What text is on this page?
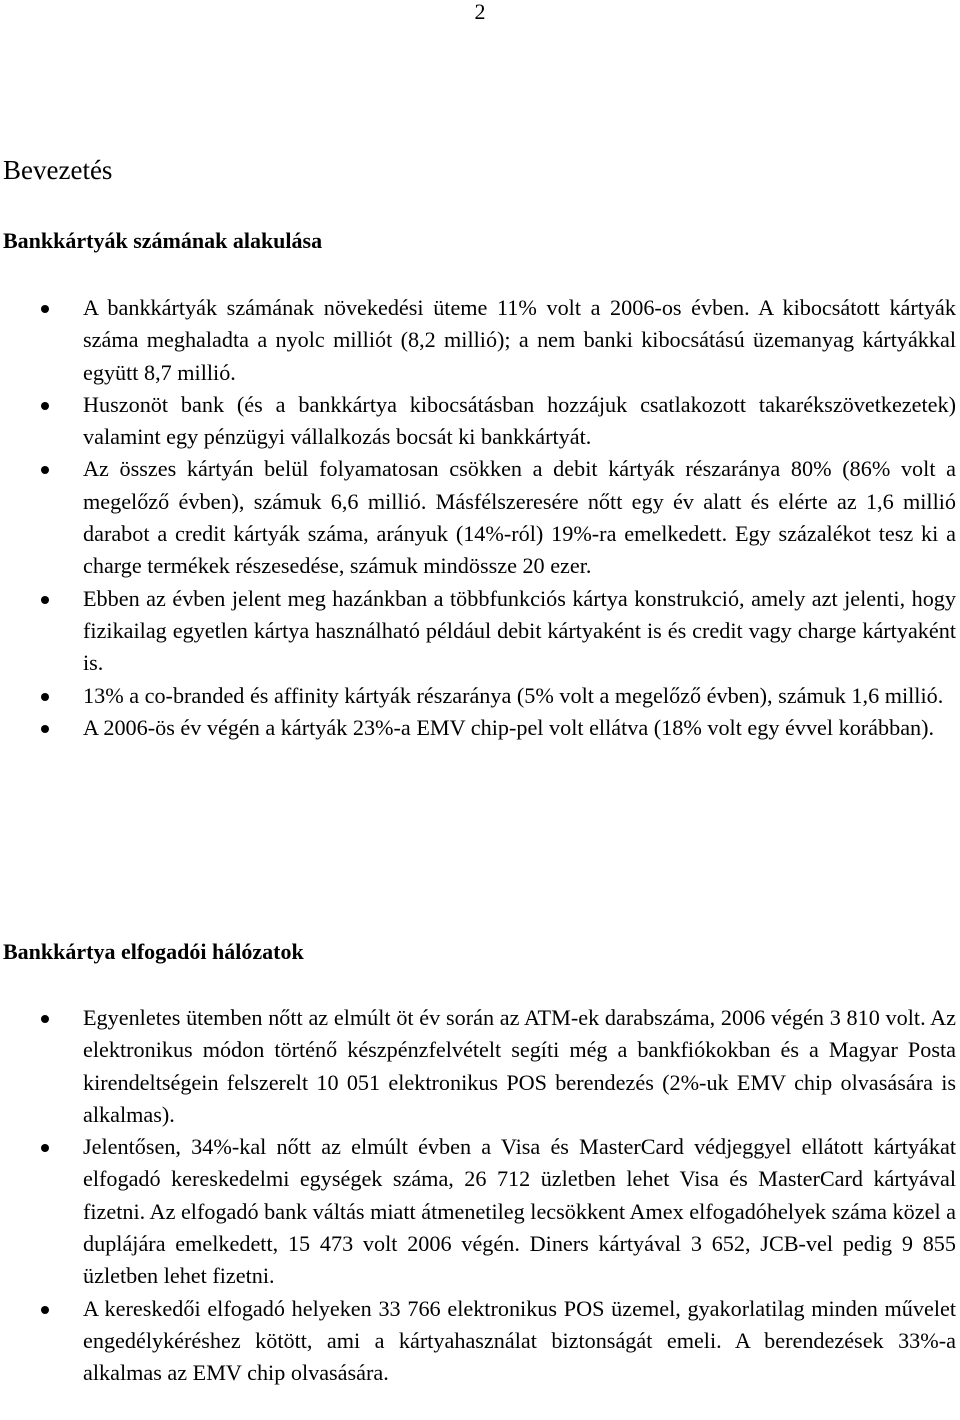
2
Bevezetés
Bankkártyák számának alakulása
A bankkártyák számának növekedési üteme 11% volt a 2006-os évben. A kibocsátott kártyák száma meghaladta a nyolc milliót (8,2 millió); a nem banki kibocsátású üzemanyag kártyákkal együtt 8,7 millió.
Huszonöt bank (és a bankkártya kibocsátásban hozzájuk csatlakozott takarékszövetkezetek) valamint egy pénzügyi vállalkozás bocsát ki bankkártyát.
Az összes kártyán belül folyamatosan csökken a debit kártyák részaránya 80% (86% volt a megelőző évben), számuk 6,6 millió. Másfélszeresére nőtt egy év alatt és elérte az 1,6 millió darabot a credit kártyák száma, arányuk (14%-ról) 19%-ra emelkedett. Egy százalékot tesz ki a charge termékek részesedése, számuk mindössze 20 ezer.
Ebben az évben jelent meg hazánkban a többfunkciós kártya konstrukció, amely azt jelenti, hogy fizikailag egyetlen kártya használható például debit kártyaként is és credit vagy charge kártyaként is.
13% a co-branded és affinity kártyák részaránya (5% volt a megelőző évben), számuk 1,6 millió.
A 2006-ös év végén a kártyák 23%-a EMV chip-pel volt ellátva (18% volt egy évvel korábban).
Bankkártya elfogadói hálózatok
Egyenletes ütemben nőtt az elmúlt öt év során az ATM-ek darabszáma, 2006 végén 3 810 volt. Az elektronikus módon történő készpénzfelvételt segíti még a bankfiókokban és a Magyar Posta kirendeltségein felszerelt 10 051 elektronikus POS berendezés (2%-uk EMV chip olvasására is alkalmas).
Jelentősen, 34%-kal nőtt az elmúlt évben a Visa és MasterCard védjeggyel ellátott kártyákat elfogadó kereskedelmi egységek száma, 26 712 üzletben lehet Visa és MasterCard kártyával fizetni. Az elfogadó bank váltás miatt átmenetileg lecsökkent Amex elfogadóhelyek száma közel a duplájára emelkedett, 15 473 volt 2006 végén. Diners kártyával 3 652, JCB-vel pedig 9 855 üzletben lehet fizetni.
A kereskedői elfogadó helyeken 33 766 elektronikus POS üzemel, gyakorlatilag minden művelet engedélykéréshez kötött, ami a kártyahasználat biztonságát emeli. A berendezések 33%-a alkalmas az EMV chip olvasására.
